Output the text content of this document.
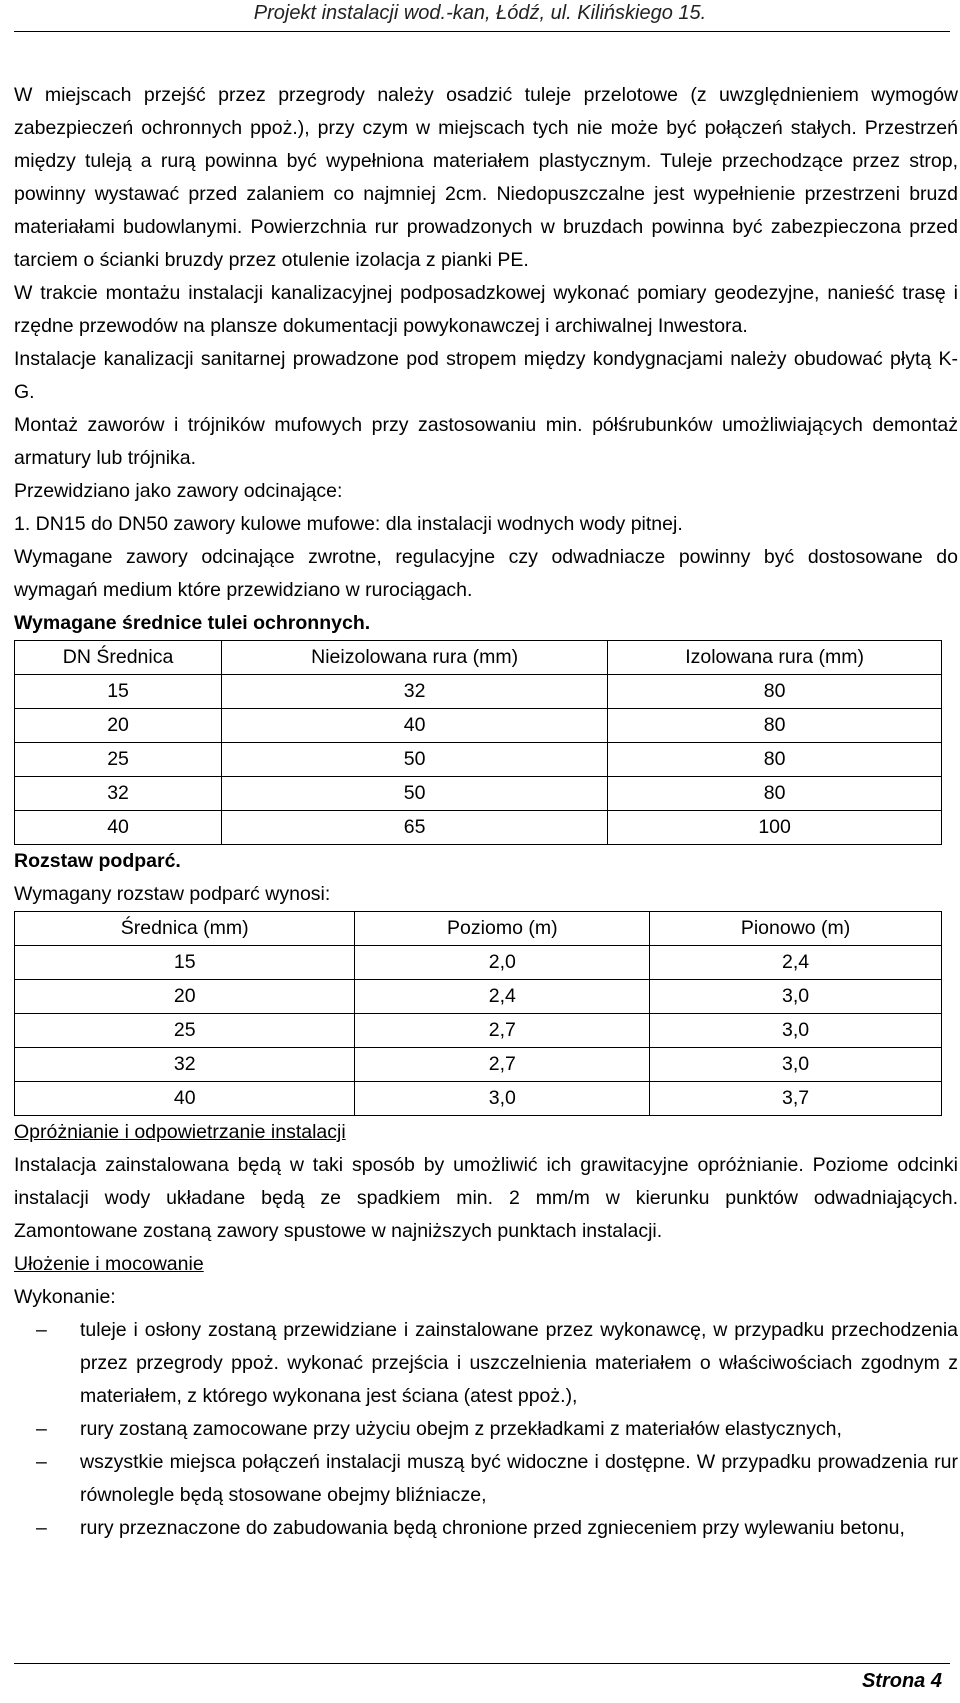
Projekt instalacji wod.-kan, Łódź, ul. Kilińskiego 15.

W miejscach przejść przez przegrody należy osadzić tuleje przelotowe (z uwzględnieniem wymogów zabezpieczeń ochronnych ppoż.), przy czym w miejscach tych nie może być połączeń stałych. Przestrzeń między tuleją a rurą powinna być wypełniona materiałem plastycznym. Tuleje przechodzące przez strop, powinny wystawać przed zalaniem co najmniej 2cm. Niedopuszczalne jest wypełnienie przestrzeni bruzd materiałami budowlanymi. Powierzchnia rur prowadzonych w bruzdach powinna być zabezpieczona przed tarciem o ścianki bruzdy przez otulenie izolacja z pianki PE.

W trakcie montażu instalacji kanalizacyjnej podposadzkowej wykonać pomiary geodezyjne, nanieść trasę i rzędne przewodów na plansze dokumentacji powykonawczej i archiwalnej Inwestora.

Instalacje kanalizacji sanitarnej prowadzone pod stropem między kondygnacjami należy obudować płytą K-G.

Montaż zaworów i trójników mufowych przy zastosowaniu min. półśrubunków umożliwiających demontaż armatury lub trójnika.

Przewidziano jako zawory odcinające:

1. DN15 do DN50 zawory kulowe mufowe: dla instalacji wodnych wody pitnej.

Wymagane zawory odcinające zwrotne, regulacyjne czy odwadniacze powinny być dostosowane do wymagań medium które przewidziano w rurociągach.

Wymagane średnice tulei ochronnych.

DN Średnica	Nieizolowana rura (mm)	Izolowana rura (mm)
15	32	80
20	40	80
25	50	80
32	50	80
40	65	100

Rozstaw podparć.

Wymagany rozstaw podparć wynosi:

Średnica (mm)	Poziomo (m)	Pionowo (m)
15	2,0	2,4
20	2,4	3,0
25	2,7	3,0
32	2,7	3,0
40	3,0	3,7

Opróżnianie i odpowietrzanie instalacji

Instalacja zainstalowana będą w taki sposób by umożliwić ich grawitacyjne opróżnianie. Poziome odcinki instalacji wody układane będą ze spadkiem min. 2 mm/m w kierunku punktów odwadniających. Zamontowane zostaną zawory spustowe w najniższych punktach instalacji.

Ułożenie i mocowanie

Wykonanie:

– tuleje i osłony zostaną przewidziane i zainstalowane przez wykonawcę, w przypadku przechodzenia przez przegrody ppoż. wykonać przejścia i uszczelnienia materiałem o właściwościach zgodnym z materiałem, z którego wykonana jest ściana (atest ppoż.),
– rury zostaną zamocowane przy użyciu obejm z przekładkami z materiałów elastycznych,
– wszystkie miejsca połączeń instalacji muszą być widoczne i dostępne. W przypadku prowadzenia rur równolegle będą stosowane obejmy bliźniacze,
– rury przeznaczone do zabudowania będą chronione przed zgnieceniem przy wylewaniu betonu,
Strona 4
